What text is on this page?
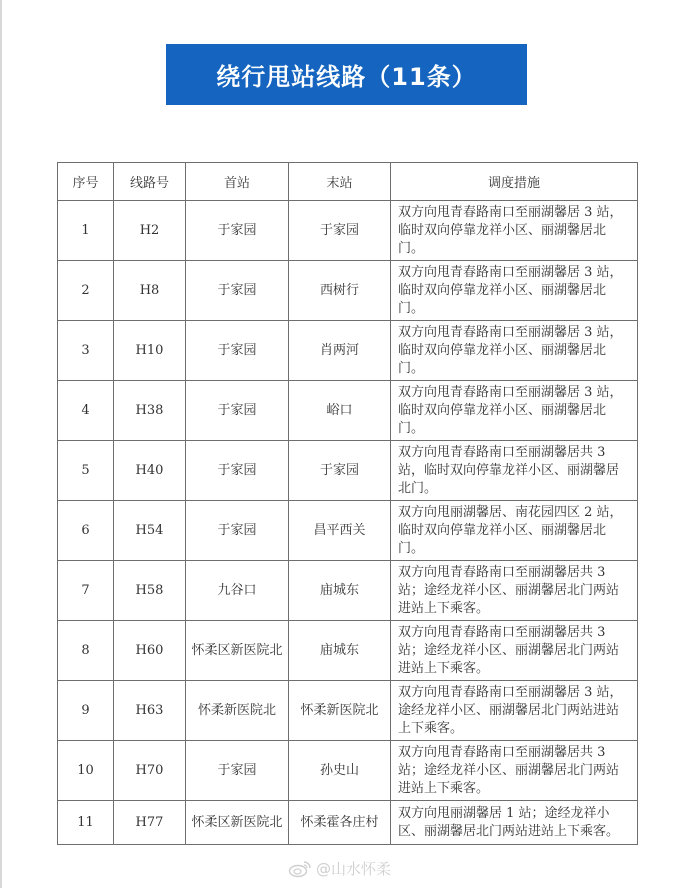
绕行甩站线路（11条）
序号	线路号	首站	末站	调度措施
1	H2	于家园	于家园	双方向甩青春路南口至丽湖馨居 3 站，临时双向停靠龙祥小区、丽湖馨居北门。
2	H8	于家园	西树行	双方向甩青春路南口至丽湖馨居 3 站，临时双向停靠龙祥小区、丽湖馨居北门。
3	H10	于家园	肖两河	双方向甩青春路南口至丽湖馨居 3 站，临时双向停靠龙祥小区、丽湖馨居北门。
4	H38	于家园	峪口	双方向甩青春路南口至丽湖馨居 3 站，临时双向停靠龙祥小区、丽湖馨居北门。
5	H40	于家园	于家园	双方向甩青春路南口至丽湖馨居共 3 站，临时双向停靠龙祥小区、丽湖馨居北门。
6	H54	于家园	昌平西关	双方向甩丽湖馨居、南花园四区 2 站，临时双向停靠龙祥小区、丽湖馨居北门。
7	H58	九谷口	庙城东	双方向甩青春路南口至丽湖馨居共 3 站；途经龙祥小区、丽湖馨居北门两站进站上下乘客。
8	H60	怀柔区新医院北	庙城东	双方向甩青春路南口至丽湖馨居共 3 站；途经龙祥小区、丽湖馨居北门两站进站上下乘客。
9	H63	怀柔新医院北	怀柔新医院北	双方向甩青春路南口至丽湖馨居 3 站，途经龙祥小区、丽湖馨居北门两站进站上下乘客。
10	H70	于家园	孙史山	双方向甩青春路南口至丽湖馨居共 3 站；途经龙祥小区、丽湖馨居北门两站进站上下乘客。
11	H77	怀柔区新医院北	怀柔霍各庄村	双方向甩丽湖馨居 1 站；途经龙祥小区、丽湖馨居北门两站进站上下乘客。
@山水怀柔
